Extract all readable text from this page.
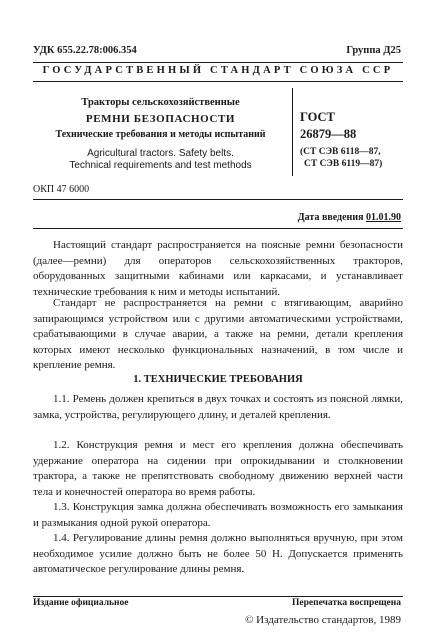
УДК 655.22.78:006.354	Группа Д25
ГОСУДАРСТВЕННЫЙ СТАНДАРТ СОЮЗА ССР
Тракторы сельскохозяйственные
РЕМНИ БЕЗОПАСНОСТИ
Технические требования и методы испытаний
Agricultural tractors. Safety belts.
Technical requirements and test methods
ГОСТ
26879—88
(СТ СЭВ 6118—87,
СТ СЭВ 6119—87)
ОКП 47 6000
Дата введения 01.01.90

Настоящий стандарт распространяется на поясные ремни безопасности (далее—ремни) для операторов сельскохозяйственных тракторов, оборудованных защитными кабинами или каркасами, и устанавливает технические требования к ним и методы испытаний.

Стандарт не распространяется на ремни с втягивающим, аварийно запирающимся устройством или с другими автоматическими устройствами, срабатывающими в случае аварии, а также на ремни, детали крепления которых имеют несколько функциональных назначений, в том числе и крепление ремня.

1. ТЕХНИЧЕСКИЕ ТРЕБОВАНИЯ

1.1. Ремень должен крепиться в двух точках и состоять из поясной лямки, замка, устройства, регулирующего длину, и деталей крепления.

1.2. Конструкция ремня и мест его крепления должна обеспечивать удержание оператора на сидении при опрокидывании и столкновении трактора, а также не препятствовать свободному движению верхней части тела и конечностей оператора во время работы.

1.3. Конструкция замка должна обеспечивать возможность его замыкания и размыкания одной рукой оператора.

1.4. Регулирование длины ремня должно выполняться вручную, при этом необходимое усилие должно быть не более 50 Н. Допускается применять автоматическое регулирование длины ремня.

Издание официальное	Перепечатка воспрещена
© Издательство стандартов, 1989
